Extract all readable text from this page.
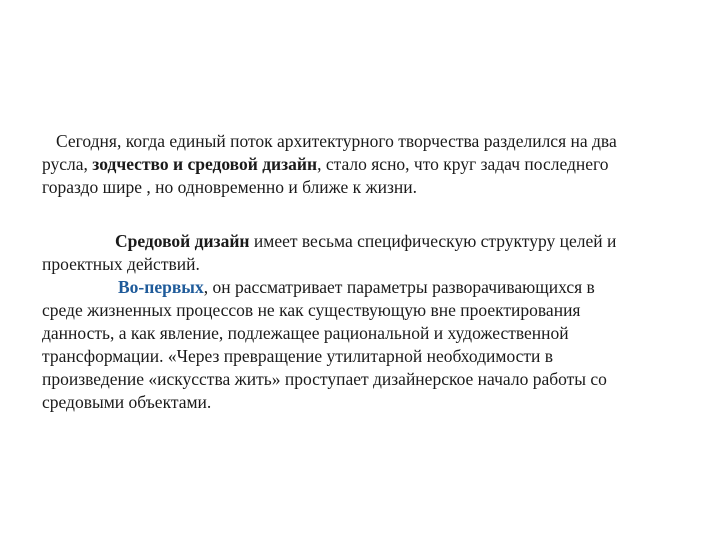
Сегодня, когда единый поток архитектурного творчества разделился на два
русла, зодчество и средовой дизайн, стало ясно, что круг задач последнего
гораздо шире , но одновременно и ближе к жизни.
Средовой дизайн имеет весьма специфическую структуру целей и
проектных действий.
Во-первых, он рассматривает параметры разворачивающихся в
среде жизненных процессов не как существующую вне проектирования
данность, а как явление, подлежащее рациональной и художественной
трансформации. «Через превращение утилитарной необходимости в
произведение «искусства жить» проступает дизайнерское начало работы со
средовыми объектами.
